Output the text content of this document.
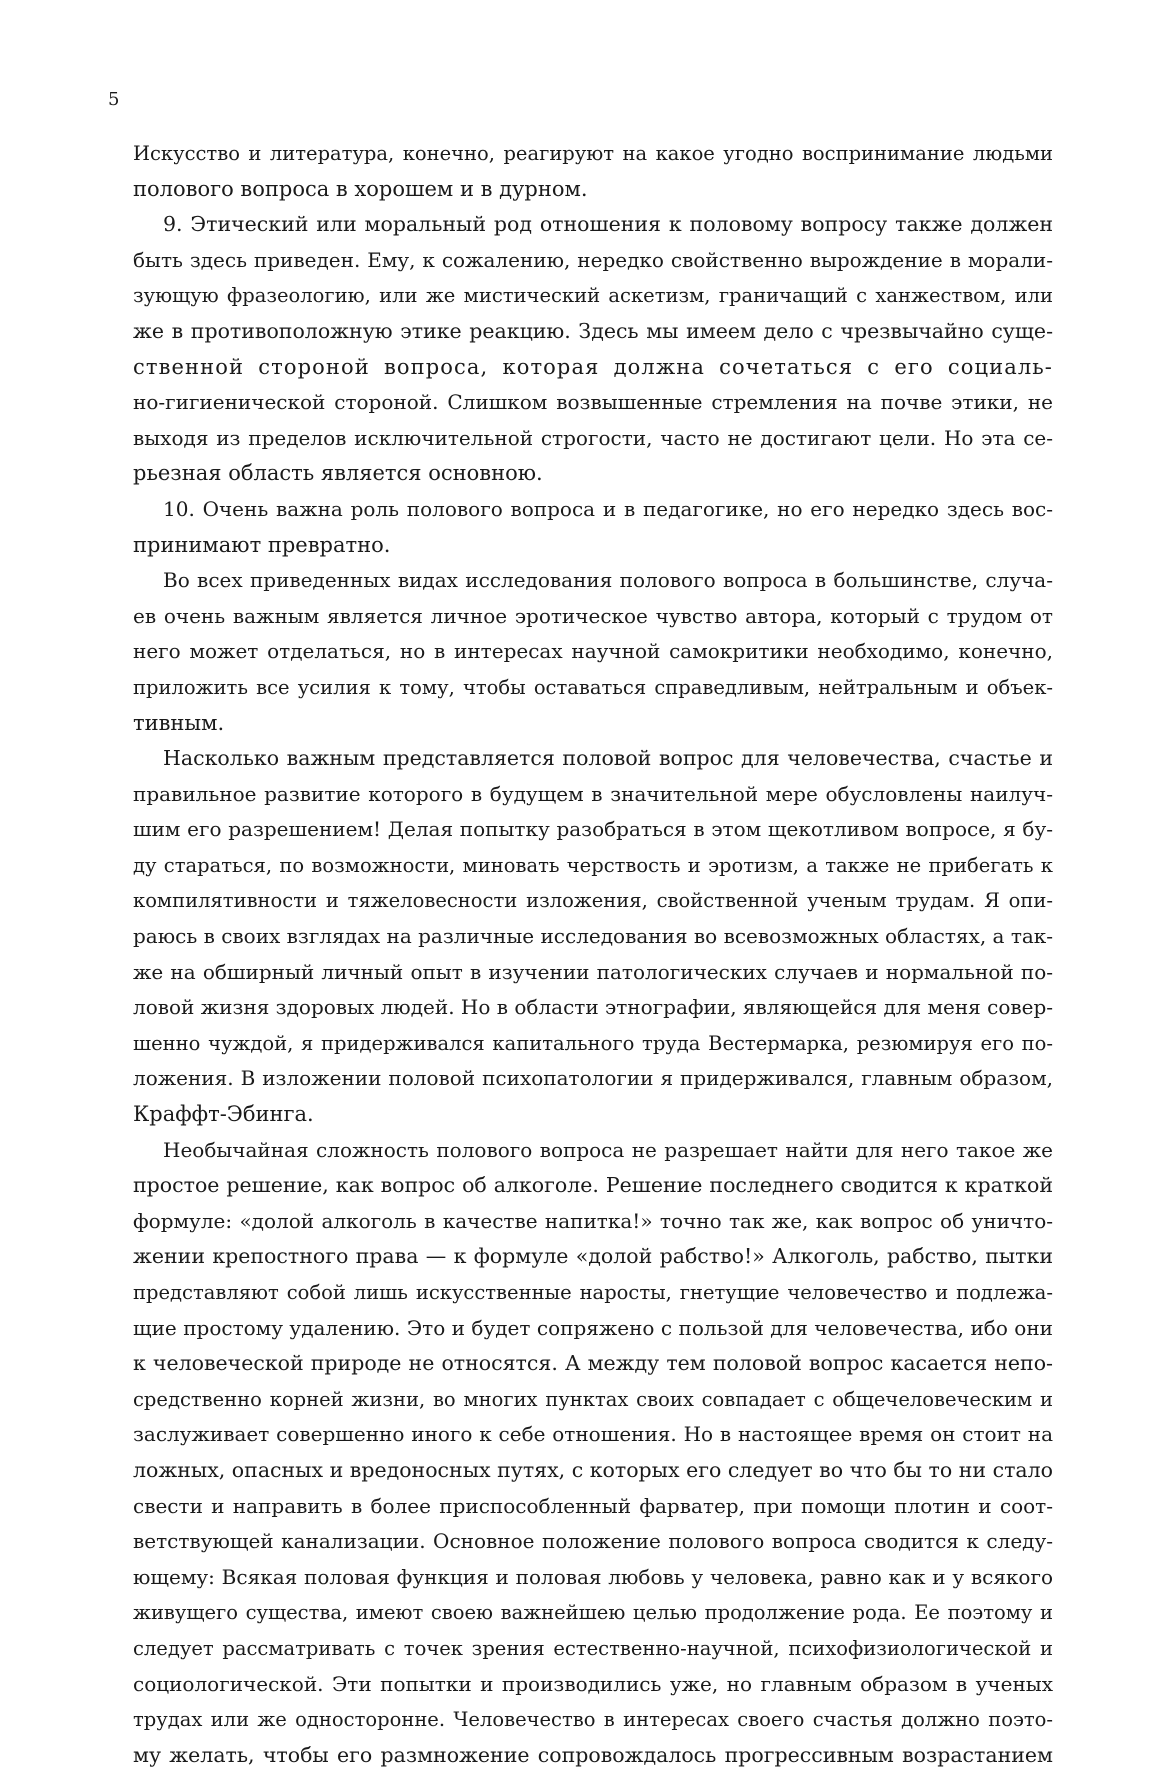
5
Искусство и литература, конечно, реагируют на какое угодно воспринимание людьми
полового вопроса в хорошем и в дурном.
9. Этический или моральный род отношения к половому вопросу также должен
быть здесь приведен. Ему, к сожалению, нередко свойственно вырождение в морали-
зующую фразеологию, или же мистический аскетизм, граничащий с ханжеством, или
же в противоположную этике реакцию. Здесь мы имеем дело с чрезвычайно суще-
ственной стороной вопроса, которая должна сочетаться с его социаль-
но-гигиенической стороной. Слишком возвышенные стремления на почве этики, не
выходя из пределов исключительной строгости, часто не достигают цели. Но эта се-
рьезная область является основною.
10. Очень важна роль полового вопроса и в педагогике, но его нередко здесь вос-
принимают превратно.
Во всех приведенных видах исследования полового вопроса в большинстве, случа-
ев очень важным является личное эротическое чувство автора, который с трудом от
него может отделаться, но в интересах научной самокритики необходимо, конечно,
приложить все усилия к тому, чтобы оставаться справедливым, нейтральным и объек-
тивным.
Насколько важным представляется половой вопрос для человечества, счастье и
правильное развитие которого в будущем в значительной мере обусловлены наилуч-
шим его разрешением! Делая попытку разобраться в этом щекотливом вопросе, я бу-
ду стараться, по возможности, миновать черствость и эротизм, а также не прибегать к
компилятивности и тяжеловесности изложения, свойственной ученым трудам. Я опи-
раюсь в своих взглядах на различные исследования во всевозможных областях, а так-
же на обширный личный опыт в изучении патологических случаев и нормальной по-
ловой жизня здоровых людей. Но в области этнографии, являющейся для меня совер-
шенно чуждой, я придерживался капитального труда Вестермарка, резюмируя его по-
ложения. В изложении половой психопатологии я придерживался, главным образом,
Краффт-Эбинга.
Необычайная сложность полового вопроса не разрешает найти для него такое же
простое решение, как вопрос об алкоголе. Решение последнего сводится к краткой
формуле: «долой алкоголь в качестве напитка!» точно так же, как вопрос об уничто-
жении крепостного права — к формуле «долой рабство!» Алкоголь, рабство, пытки
представляют собой лишь искусственные наросты, гнетущие человечество и подлежа-
щие простому удалению. Это и будет сопряжено с пользой для человечества, ибо они
к человеческой природе не относятся. А между тем половой вопрос касается непо-
средственно корней жизни, во многих пунктах своих совпадает с общечеловеческим и
заслуживает совершенно иного к себе отношения. Но в настоящее время он стоит на
ложных, опасных и вредоносных путях, с которых его следует во что бы то ни стало
свести и направить в более приспособленный фарватер, при помощи плотин и соот-
ветствующей канализации. Основное положение полового вопроса сводится к следу-
ющему: Всякая половая функция и половая любовь у человека, равно как и у всякого
живущего существа, имеют своею важнейшею целью продолжение рода. Ее поэтому и
следует рассматривать с точек зрения естественно-научной, психофизиологической и
социологической. Эти попытки и производились уже, но главным образом в ученых
трудах или же односторонне. Человечество в интересах своего счастья должно поэто-
му желать, чтобы его размножение сопровождалось прогрессивным возрастанием
